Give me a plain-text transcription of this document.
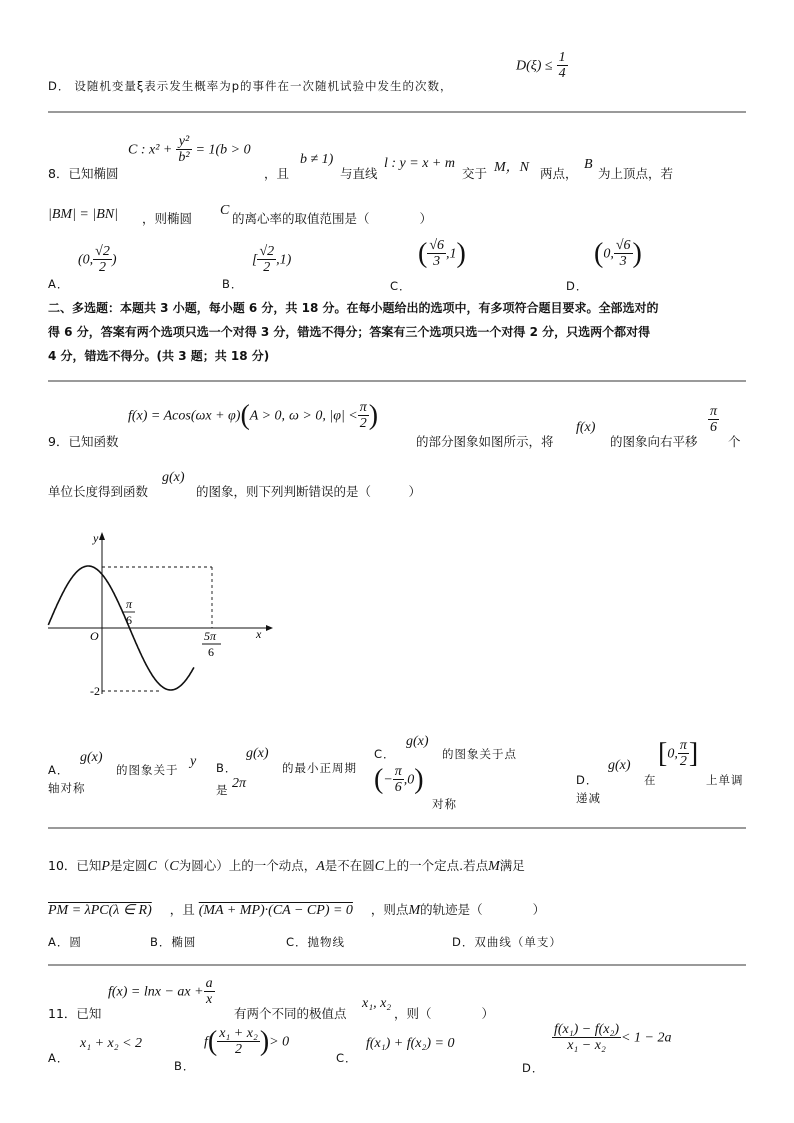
D． 设随机变量ξ表示发生概率为p的事件在一次随机试验中发生的次数，
$D(\xi) \le \frac{1}{4}$
C : $x^2 + \frac{\text{y²}}{\text{b²}} = 1(b > 0$
8．已知椭圆	，且
b ≠ 1)
与直线
l : y = x + m
交于 M，N 两点，
B
为上顶点，若
|BM| = |BN| ，则椭圆
C
的离心率的取值范围是（　　　　）
A．
(0, $\frac{√2}{2}$ )
B．
[ $\frac{√2}{2} ,1$)
C．
( $\frac{√6}{3} ,1$)
D．
(0, $\frac{√6}{3}$ )
二、多选题：本题共 3 小题，每小题 6 分，共 18 分。在每小题给出的选项中，有多项符合题目要求。全部选对的
得 6 分，答案有两个选项只选一个对得 3 分，错选不得分；答案有三个选项只选一个对得 2 分，只选两个都对得
4 分，错选不得分。(共 3 题；共 18 分)
f(x) = Acos(ωx + φ)(A > 0, ω > 0, $|\varphi| < \frac{\pi}{2}$ )
9．已知函数	的部分图象如图所示，将
f(x)
的图象向右平移
$\frac{\pi}{6}$
个
单位长度得到函数
g(x)
的图象，则下列判断错误的是（　　　）
y
x
O
π
6
5π
6
-2
A．
g(x)
的图象关于
y
轴对称
B．
g(x)
的最小正周期
是 2π
C．
g(x)
的图象关于点
(− $\frac{\pi}{6} ,0$)
对称
D．
g(x)
在
[0, $\frac{\pi}{2}$ ]
上单调
递减
10．已知P是定圆C（C为圆心）上的一个动点，A是不在圆C上的一个定点.若点M满足
PM = λPC(λ ∈ R) ，且 (MA + MP)·(CA − CP) = 0 ，则点M的轨迹是（　　　　）
A．圆	B．椭圆	C．抛物线	D．双曲线（单支）
11．已知
f(x) = lnx − ax + $\frac{a}{x}$
有两个不同的极值点
x₁, x₂
，则（　　　　）
A．
x₁ + x₂ < 2
B．
$f( \frac{\text{x₁ + x₂}}{2}$ )> 0
C．
f(x₁) + f(x₂) = 0
D．
$\frac{\text{f(x₁) − f(x₂)}}{\text{x₁ − x₂}} < 1 - 2a$
